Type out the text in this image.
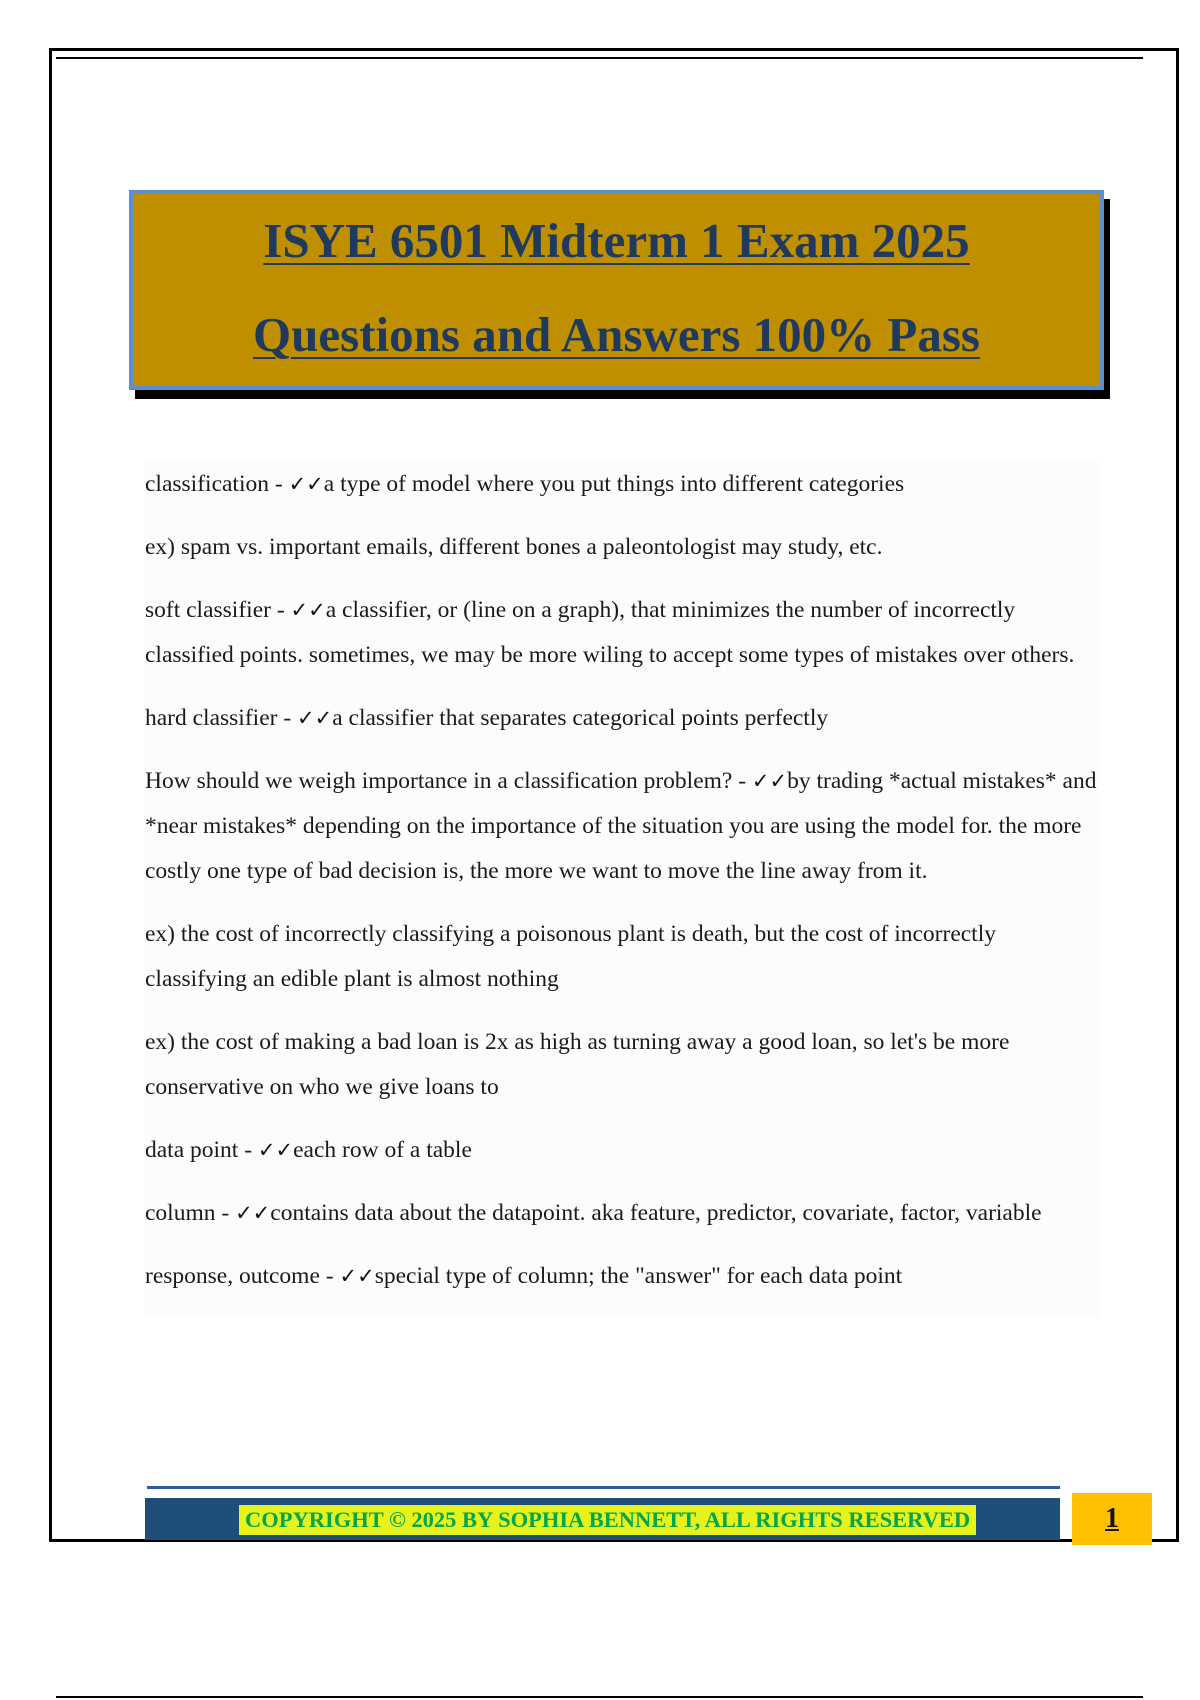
ISYE 6501 Midterm 1 Exam 2025

Questions and Answers 100% Pass

classification - ✓✓a type of model where you put things into different categories

ex) spam vs. important emails, different bones a paleontologist may study, etc.

soft classifier - ✓✓a classifier, or (line on a graph), that minimizes the number of incorrectly classified points. sometimes, we may be more wiling to accept some types of mistakes over others.

hard classifier - ✓✓a classifier that separates categorical points perfectly

How should we weigh importance in a classification problem? - ✓✓by trading *actual mistakes* and *near mistakes* depending on the importance of the situation you are using the model for. the more costly one type of bad decision is, the more we want to move the line away from it.

ex) the cost of incorrectly classifying a poisonous plant is death, but the cost of incorrectly classifying an edible plant is almost nothing

ex) the cost of making a bad loan is 2x as high as turning away a good loan, so let's be more conservative on who we give loans to

data point - ✓✓each row of a table

column - ✓✓contains data about the datapoint. aka feature, predictor, covariate, factor, variable

response, outcome - ✓✓special type of column; the "answer" for each data point

COPYRIGHT © 2025 BY SOPHIA BENNETT, ALL RIGHTS RESERVED	1
